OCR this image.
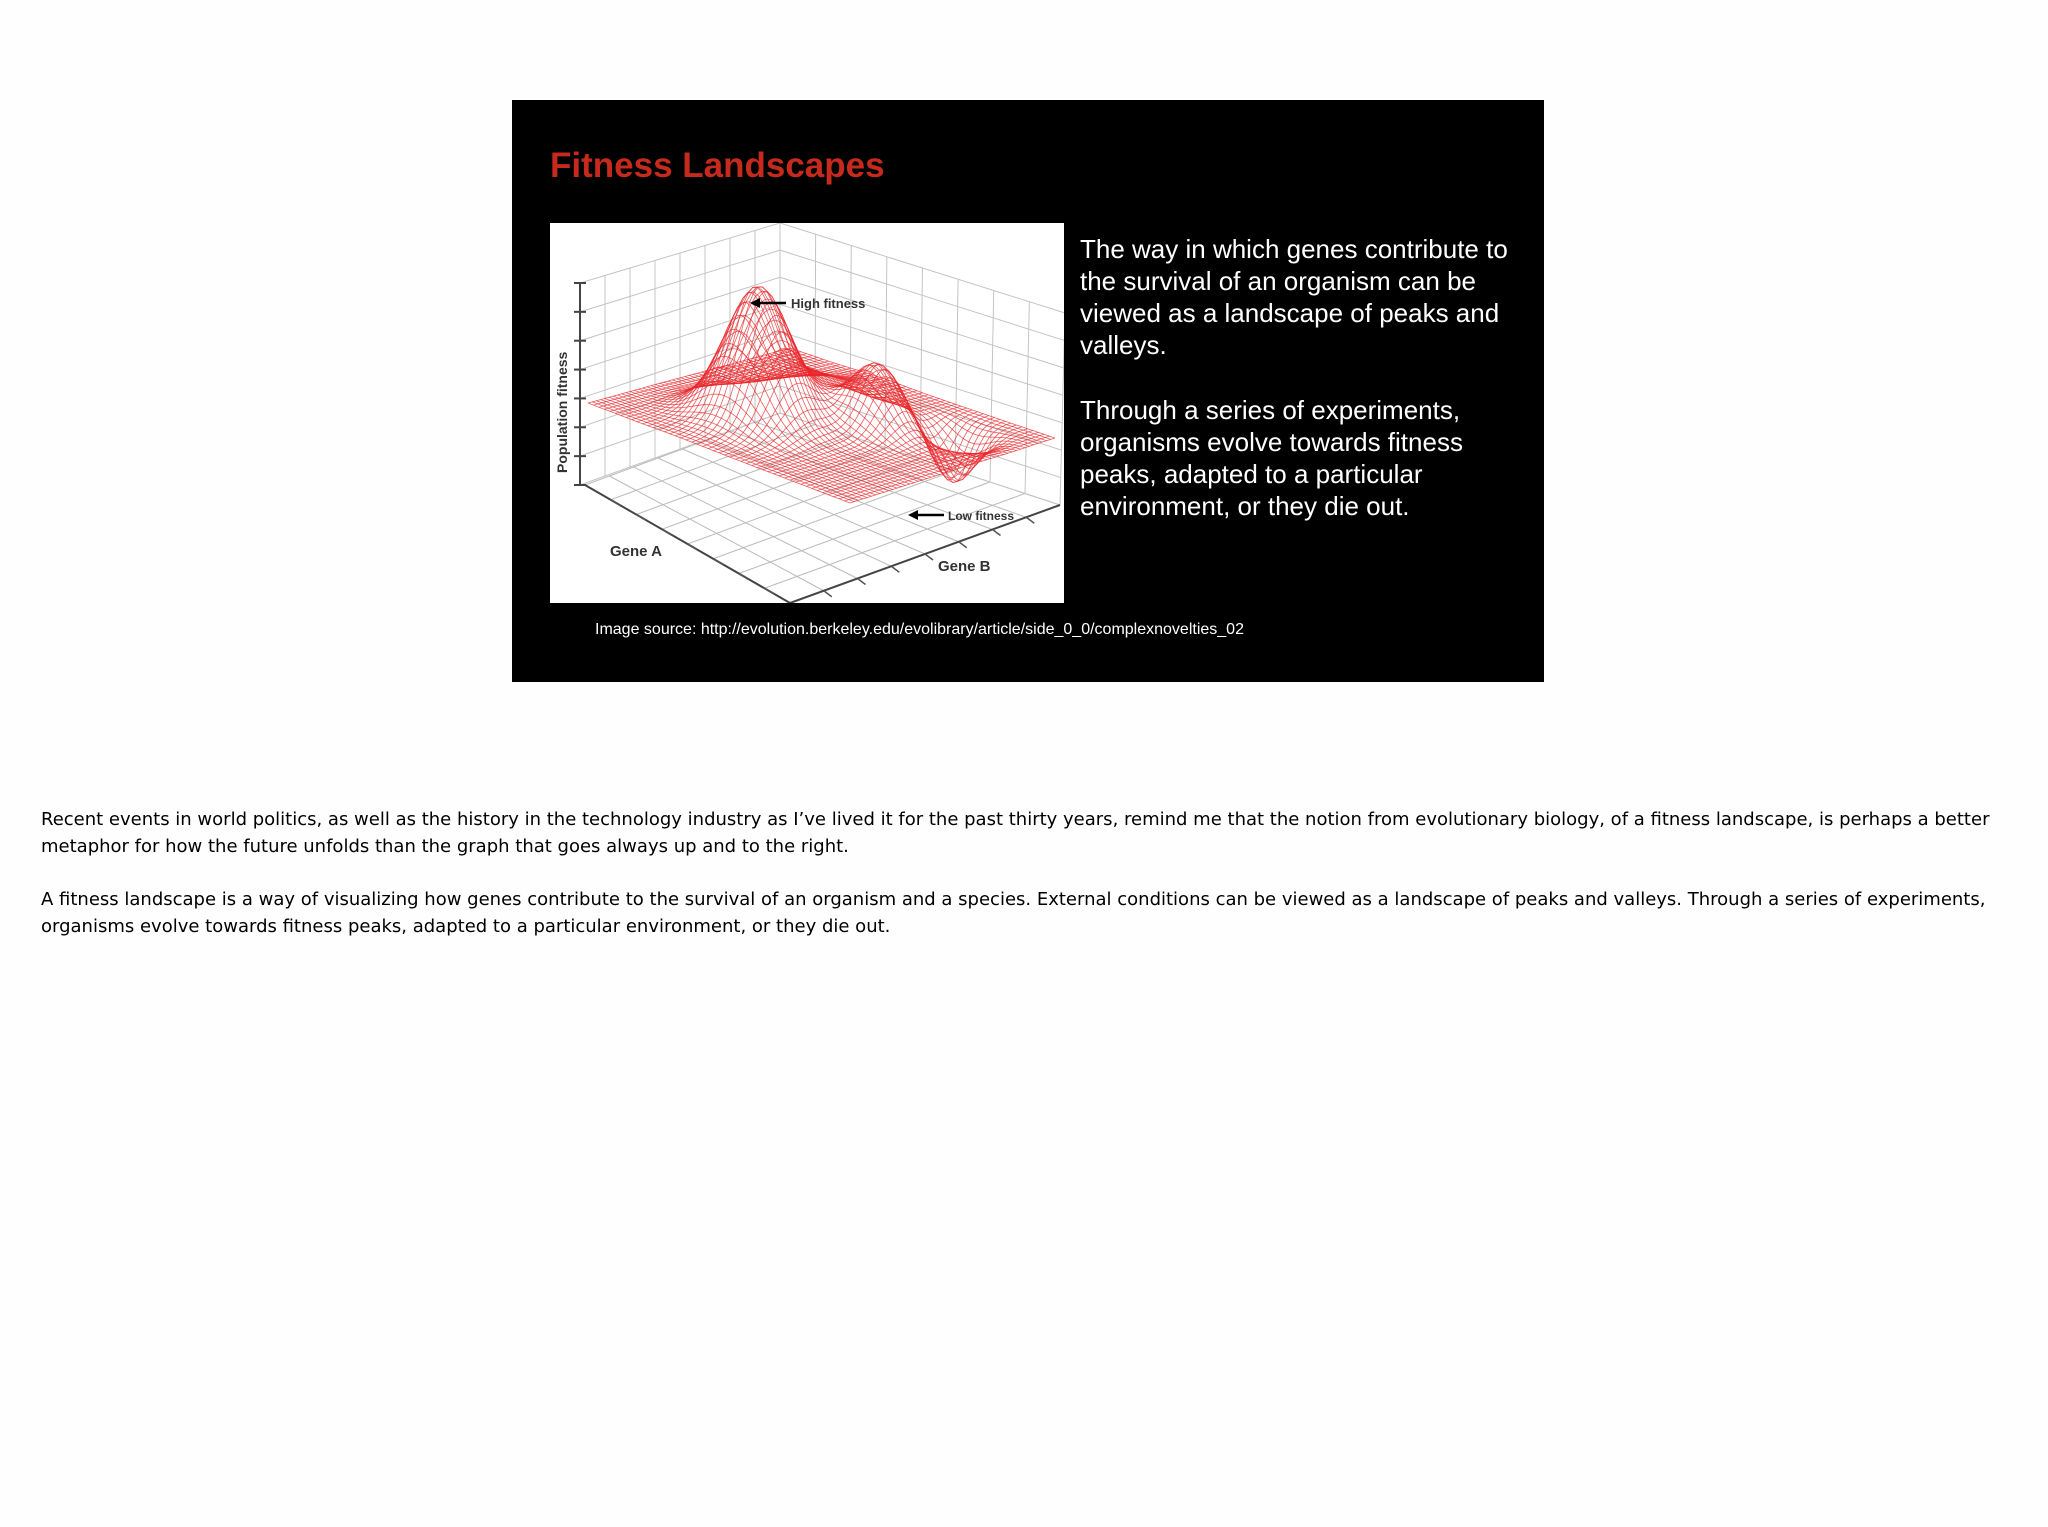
Fitness Landscapes
High fitness
Low fitness
Gene A
Gene B
Population fitness

The way in which genes contribute to the survival of an organism can be viewed as a landscape of peaks and valleys.

Through a series of experiments, organisms evolve towards fitness peaks, adapted to a particular environment, or they die out.

Image source: http://evolution.berkeley.edu/evolibrary/article/side_0_0/complexnovelties_02

Recent events in world politics, as well as the history in the technology industry as I’ve lived it for the past thirty years, remind me that the notion from evolutionary biology, of a fitness landscape, is perhaps a better metaphor for how the future unfolds than the graph that goes always up and to the right.

A fitness landscape is a way of visualizing how genes contribute to the survival of an organism and a species. External conditions can be viewed as a landscape of peaks and valleys. Through a series of experiments, organisms evolve towards fitness peaks, adapted to a particular environment, or they die out.
